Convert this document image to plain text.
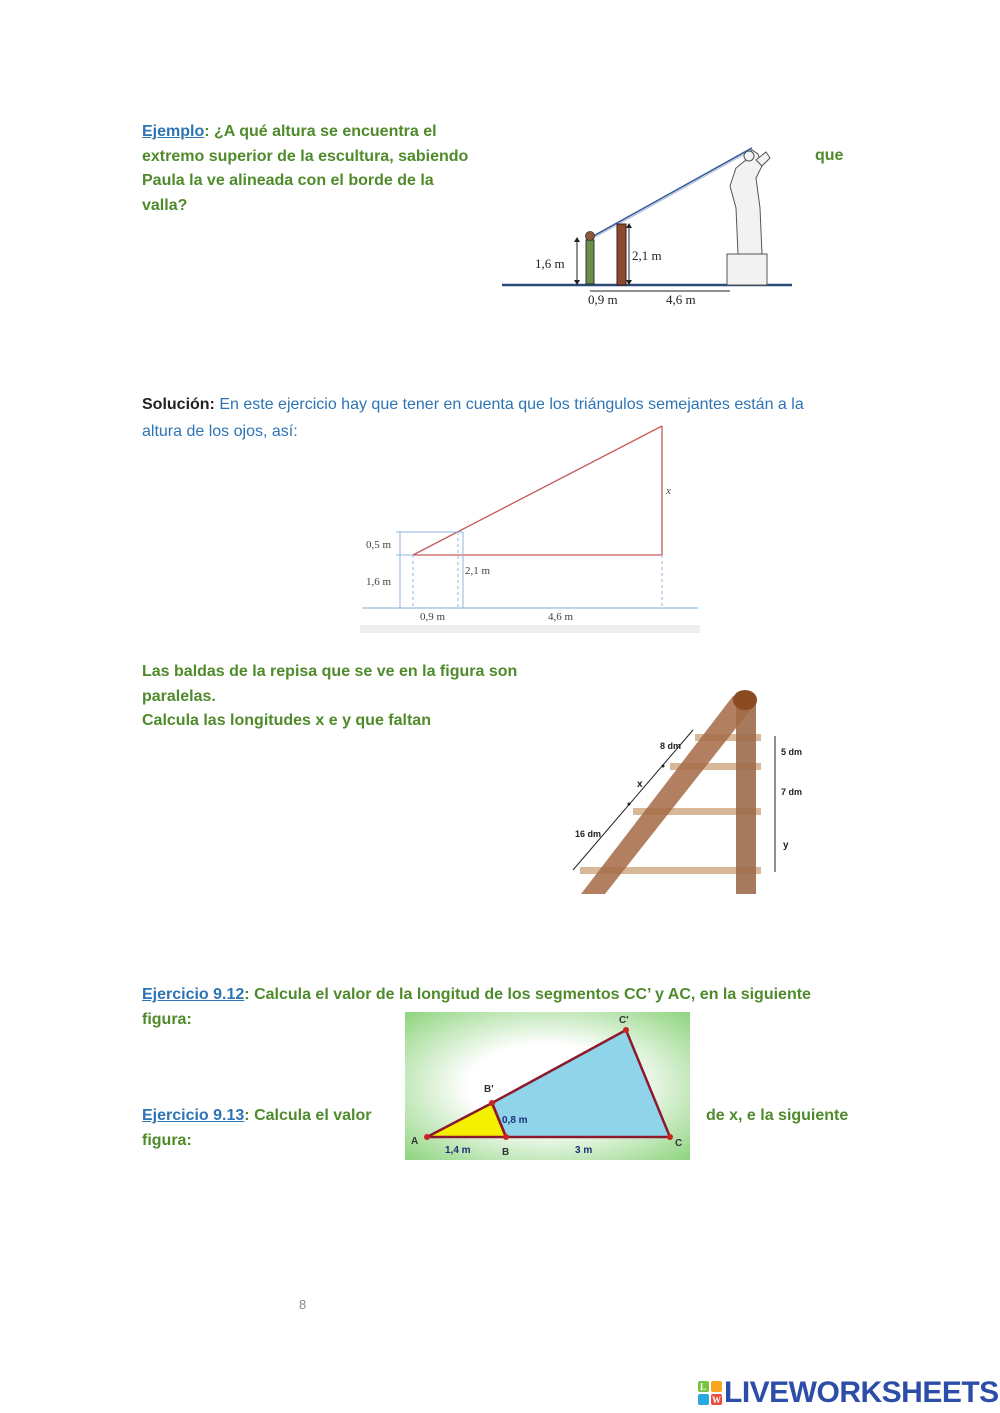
Ejemplo: ¿A qué altura se encuentra el
extremo superior de la escultura, sabiendo
Paula la ve alineada con el borde de la
valla?
que
1,6 m
2,1 m
0,9 m	4,6 m
Solución: En este ejercicio hay que tener en cuenta que los triángulos semejantes están a la
altura de los ojos, así:
0,5 m
1,6 m
2,1 m
x
0,9 m	4,6 m
Las baldas de la repisa que se ve en la figura son
paralelas.
Calcula las longitudes x e y que faltan
8 dm
x
16 dm
5 dm
7 dm
y
Ejercicio 9.12: Calcula el valor de la longitud de los segmentos CC’ y AC, en la siguiente figura:
A
B
C
B'
C'
1,4 m	3 m
0,8 m
Ejercicio 9.13: Calcula el valor
figura:
de x, e la siguiente
8
L
W LIVEWORKSHEETS
